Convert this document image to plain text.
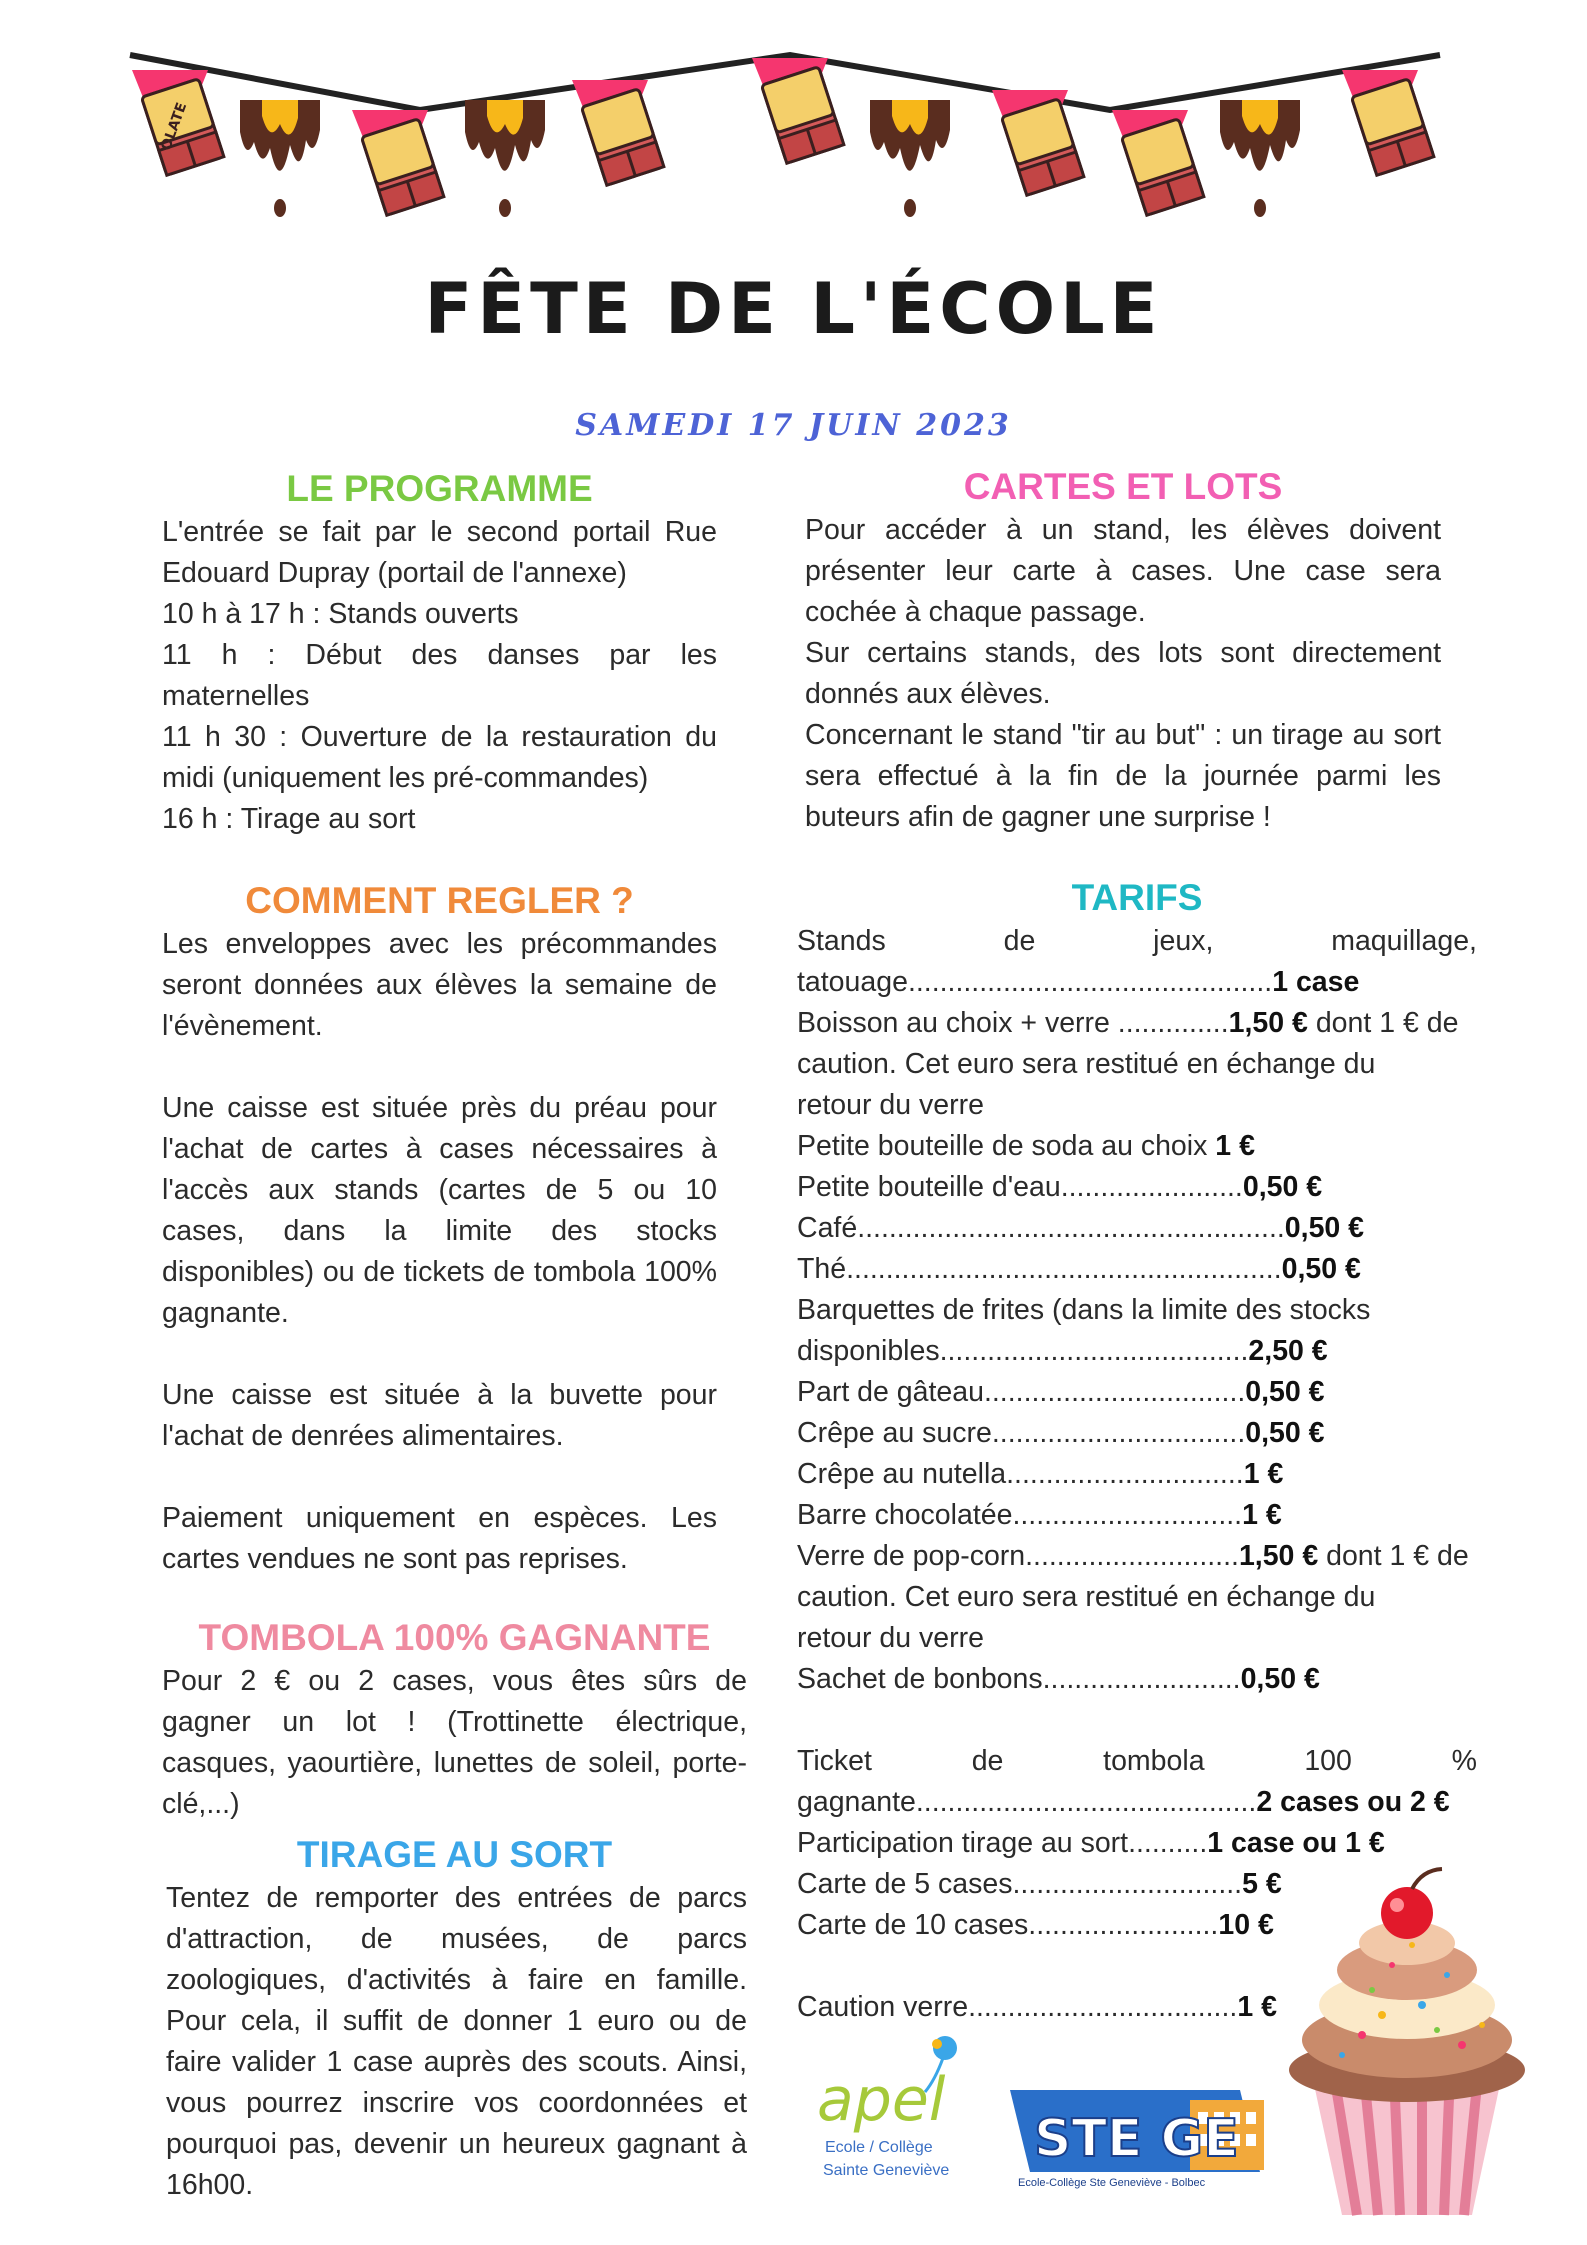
OLATE
FÊTE DE L'ÉCOLE
SAMEDI 17 JUIN 2023
LE PROGRAMME
L'entrée se fait par le second portail Rue Edouard Dupray (portail de l'annexe)
10 h à 17 h : Stands ouverts
11 h : Début des danses par les maternelles
11 h 30 : Ouverture de la restauration du midi (uniquement les pré-commandes)
16 h : Tirage au sort
COMMENT REGLER ?

Les enveloppes avec les précommandes seront données aux élèves la semaine de l'évènement.

Une caisse est située près du préau pour l'achat de cartes à cases nécessaires à l'accès aux stands (cartes de 5 ou 10 cases, dans la limite des stocks disponibles) ou de tickets de tombola 100% gagnante.

Une caisse est située à la buvette pour l'achat de denrées alimentaires.

Paiement uniquement en espèces. Les cartes vendues ne sont pas reprises.

TOMBOLA 100% GAGNANTE

Pour 2 € ou 2 cases, vous êtes sûrs de gagner un lot ! (Trottinette électrique, casques, yaourtière, lunettes de soleil, porte-clé,...)

TIRAGE AU SORT

Tentez de remporter des entrées de parcs d'attraction, de musées, de parcs zoologiques, d'activités à faire en famille. Pour cela, il suffit de donner 1 euro ou de faire valider 1 case auprès des scouts. Ainsi, vous pourrez inscrire vos coordonnées et pourquoi pas, devenir un heureux gagnant à 16h00.

CARTES ET LOTS
Pour accéder à un stand, les élèves doivent présenter leur carte à cases. Une case sera cochée à chaque passage.
Sur certains stands, des lots sont directement donnés aux élèves.
Concernant le stand "tir au but" : un tirage au sort sera effectué à la fin de la journée parmi les buteurs afin de gagner une surprise !
TARIFS
Stands	de	jeux,	maquillage,
tatouage..............................................1 case
Boisson au choix + verre ..............1,50 € dont 1 € de
caution. Cet euro sera restitué en échange du
retour du verre
Petite bouteille de soda au choix 1 €
Petite bouteille d'eau.......................0,50 €
Café......................................................0,50 €
Thé.......................................................0,50 €
Barquettes de frites (dans la limite des stocks
disponibles.......................................2,50 €
Part de gâteau.................................0,50 €
Crêpe au sucre................................0,50 €
Crêpe au nutella..............................1 €
Barre chocolatée.............................1 €
Verre de pop-corn...........................1,50 € dont 1 € de
caution. Cet euro sera restitué en échange du
retour du verre
Sachet de bonbons.........................0,50 €
Ticket	de	tombola	100	%
gagnante...........................................2 cases ou 2 €
Participation tirage au sort..........1 case ou 1 €
Carte de 5 cases.............................5 €
Carte de 10 cases........................10 €
Caution verre..................................1 €
apel
Ecole / Collège
Sainte Geneviève
STE GE
Ecole-Collège Ste Geneviève - Bolbec
